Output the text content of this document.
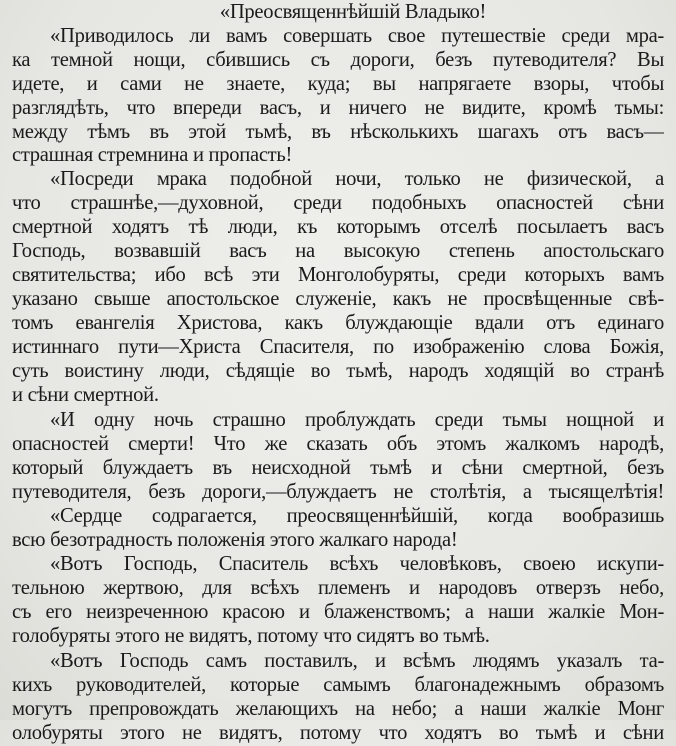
«Преосвященнѣйшій Владыко!
«Приводилось ли вамъ совершать свое путешествіе среди мра-
ка темной нощи, сбившись съ дороги, безъ путеводителя? Вы
идете, и сами не знаете, куда; вы напрягаете взоры, чтобы
разглядѣть, что впереди васъ, и ничего не видите, кромѣ тьмы:
между тѣмъ въ этой тьмѣ, въ нѣсколькихъ шагахъ отъ васъ—
страшная стремнина и пропасть!
«Посреди мрака подобной ночи, только не физической, а
что страшнѣе,—духовной, среди подобныхъ опасностей сѣни
смертной ходятъ тѣ люди, къ которымъ отселѣ посылаетъ васъ
Господь, возвавшій васъ на высокую степень апостольскаго
святительства; ибо всѣ эти Монголобуряты, среди которыхъ вамъ
указано свыше апостольское служеніе, какъ не просвѣщенные свѣ-
томъ евангелія Христова, какъ блуждающіе вдали отъ единаго
истиннаго пути—Христа Спасителя, по изображенію слова Божія,
суть воистину люди, сѣдящіе во тьмѣ, народъ ходящій во странѣ
и сѣни смертной.
«И одну ночь страшно проблуждать среди тьмы нощной и
опасностей смерти! Что же сказать объ этомъ жалкомъ народѣ,
который блуждаетъ въ неисходной тьмѣ и сѣни смертной, безъ
путеводителя, безъ дороги,—блуждаетъ не столѣтія, а тысящелѣтія!
«Сердце содрагается, преосвященнѣйшій, когда вообразишь
всю безотрадность положенія этого жалкаго народа!
«Вотъ Господь, Спаситель всѣхъ человѣковъ, своею искупи-
тельною жертвою, для всѣхъ племенъ и народовъ отверзъ небо,
съ его неизреченною красою и блаженствомъ; а наши жалкіе Мон-
голобуряты этого не видятъ, потому что сидятъ во тьмѣ.
«Вотъ Господь самъ поставилъ, и всѣмъ людямъ указалъ та-
кихъ руководителей, которые самымъ благонадежнымъ образомъ
могутъ препровождать желающихъ на небо; а наши жалкіе Монг
олобуряты этого не видятъ, потому что ходятъ во тьмѣ и сѣни
